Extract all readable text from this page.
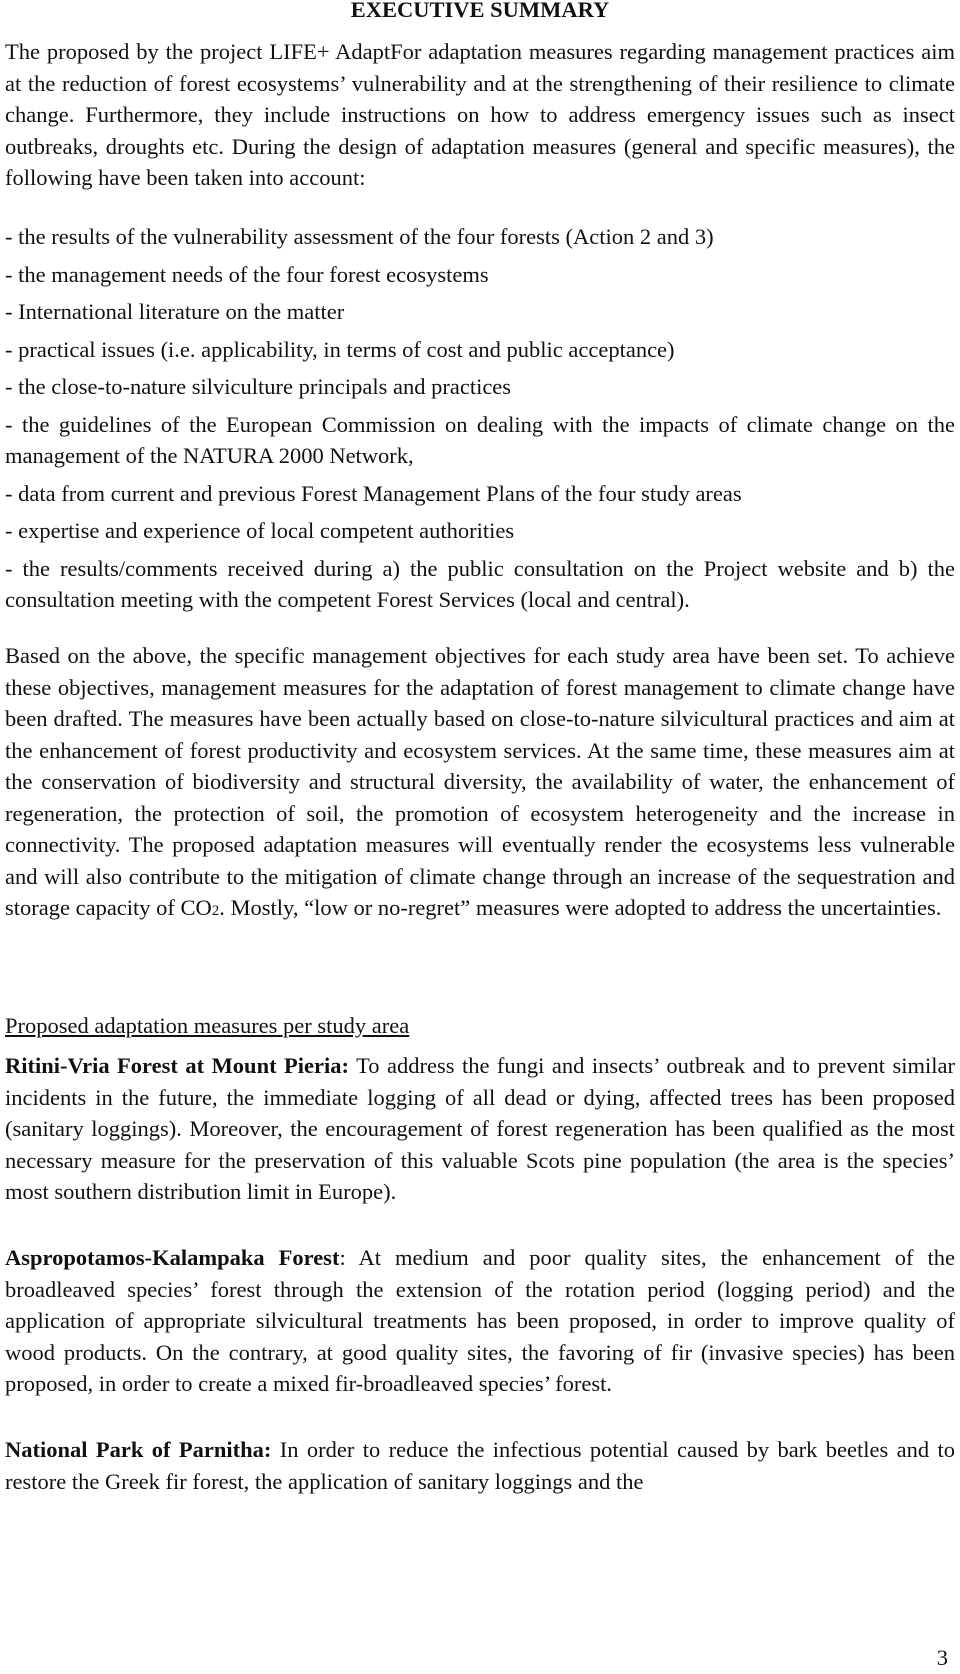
EXECUTIVE SUMMARY

The proposed by the project LIFE+ AdaptFor adaptation measures regarding management practices aim at the reduction of forest ecosystems’ vulnerability and at the strengthening of their resilience to climate change. Furthermore, they include instructions on how to address emergency issues such as insect outbreaks, droughts etc. During the design of adaptation measures (general and specific measures), the following have been taken into account:

- the results of the vulnerability assessment of the four forests (Action 2 and 3)

- the management needs of the four forest ecosystems

- International literature on the matter

- practical issues (i.e. applicability, in terms of cost and public acceptance)

- the close-to-nature silviculture principals and practices

- the guidelines of the European Commission on dealing with the impacts of climate change on the management of the NATURA 2000 Network,

- data from current and previous Forest Management Plans of the four study areas

- expertise and experience of local competent authorities

- the results/comments received during a) the public consultation on the Project website and b) the consultation meeting with the competent Forest Services (local and central).

Based on the above, the specific management objectives for each study area have been set. To achieve these objectives, management measures for the adaptation of forest management to climate change have been drafted. The measures have been actually based on close-to-nature silvicultural practices and aim at the enhancement of forest productivity and ecosystem services. At the same time, these measures aim at the conservation of biodiversity and structural diversity, the availability of water, the enhancement of regeneration, the protection of soil, the promotion of ecosystem heterogeneity and the increase in connectivity. The proposed adaptation measures will eventually render the ecosystems less vulnerable and will also contribute to the mitigation of climate change through an increase of the sequestration and storage capacity of CO2. Mostly, “low or no-regret” measures were adopted to address the uncertainties.

Proposed adaptation measures per study area

Ritini-Vria Forest at Mount Pieria: To address the fungi and insects’ outbreak and to prevent similar incidents in the future, the immediate logging of all dead or dying, affected trees has been proposed (sanitary loggings). Moreover, the encouragement of forest regeneration has been qualified as the most necessary measure for the preservation of this valuable Scots pine population (the area is the species’ most southern distribution limit in Europe).

Aspropotamos-Kalampaka Forest: At medium and poor quality sites, the enhancement of the broadleaved species’ forest through the extension of the rotation period (logging period) and the application of appropriate silvicultural treatments has been proposed, in order to improve quality of wood products. On the contrary, at good quality sites, the favoring of fir (invasive species) has been proposed, in order to create a mixed fir-broadleaved species’ forest.

National Park of Parnitha: In order to reduce the infectious potential caused by bark beetles and to restore the Greek fir forest, the application of sanitary loggings and the

3
